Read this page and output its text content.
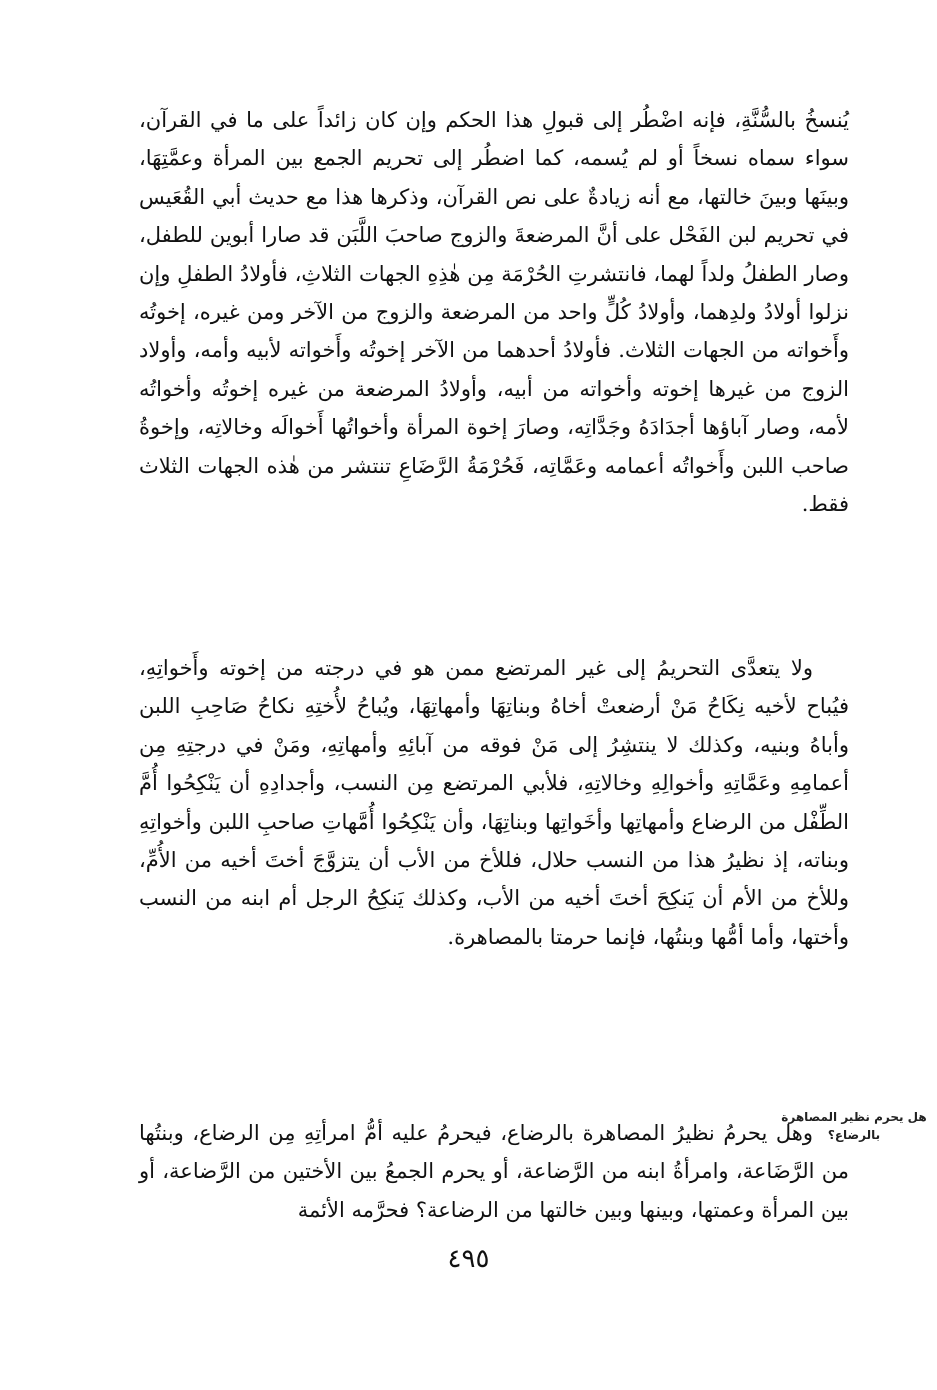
يُنسخُ بالسُّنَّةِ، فإنه اضْطُر إلى قبولِ هذا الحكم وإن كان زائداً على ما في القرآن، سواء سماه نسخاً أو لم يُسمه، كما اضطُر إلى تحريم الجمع بين المرأة وعمَّتِهَا، وبينَها وبينَ خالتها، مع أنه زيادةٌ على نص القرآن، وذكرها هذا مع حديث أبي القُعَيس في تحريم لبن الفَحْل على أنَّ المرضعةَ والزوج صاحبَ اللَّبَن قد صارا أبوين للطفل، وصار الطفلُ ولداً لهما، فانتشرتِ الحُرْمَة مِن هٰذِهِ الجهات الثلاثِ، فأولادُ الطفلِ وإن نزلوا أولادُ ولدِهما، وأولادُ كُلٍّ واحد من المرضعة والزوج من الآخر ومن غيره، إخوتُه وأَخواته من الجهات الثلاث. فأولادُ أحدهما من الآخر إخوتُه وأَخواته لأبيه وأمه، وأولاد الزوج من غيرها إخوته وأخواته من أبيه، وأولادُ المرضعة من غيره إخوتُه وأخواتُه لأمه، وصار آباؤها أجدَادَهُ وجَدَّاتِه، وصارَ إخوة المرأة وأخواتُها أَخوالَه وخالاتِه، وإخوةُ صاحب اللبن وأَخواتُه أعمامه وعَمَّاتِه، فَحُرْمَةُ الرَّضَاعِ تنتشر من هٰذه الجهات الثلاث فقط.

ولا يتعدَّى التحريمُ إلى غير المرتضع ممن هو في درجته من إخوته وأَخواتِهِ، فيُباح لأخيه نِكَاحُ مَنْ أرضعتْ أخاهُ وبناتِهَا وأمهاتِهَا، ويُباحُ لأُختِهِ نكاحُ صَاحِبِ اللبن وأباهُ وبنيه، وكذلك لا ينتشِرُ إلى مَنْ فوقه من آبائِهِ وأمهاتِهِ، ومَنْ في درجتِهِ مِن أعمامِهِ وعَمَّاتِهِ وأخوالِهِ وخالاتِهِ، فلأبي المرتضع مِن النسب، وأجدادِهِ أن يَنْكِحُوا أُمَّ الطِّفْل من الرضاع وأمهاتِها وأخَواتِها وبناتِهَا، وأن يَنْكِحُوا أُمَّهاتِ صاحبِ اللبن وأخواتِهِ وبناته، إذ نظيرُ هذا من النسب حلال، فللأخ من الأب أن يتزوَّجَ أختَ أخيه من الأُمِّ، وللأخ من الأم أن يَنكِحَ أختَ أخيه من الأب، وكذلك يَنكِحُ الرجل أم ابنه من النسب وأختها، وأما أمُّها وبنتُها، فإنما حرمتا بالمصاهرة.

هل يحرم نظير المصاهرة بالرضاع؟

وهل يحرمُ نظيرُ المصاهرة بالرضاع، فيحرمُ عليه أمُّ امرأتِهِ مِن الرضاع، وبنتُها من الرَّضَاعة، وامرأةُ ابنه من الرَّضاعة، أو يحرم الجمعُ بين الأختين من الرَّضاعة، أو بين المرأة وعمتها، وبينها وبين خالتها من الرضاعة؟ فحرَّمه الأئمة

٤٩٥
